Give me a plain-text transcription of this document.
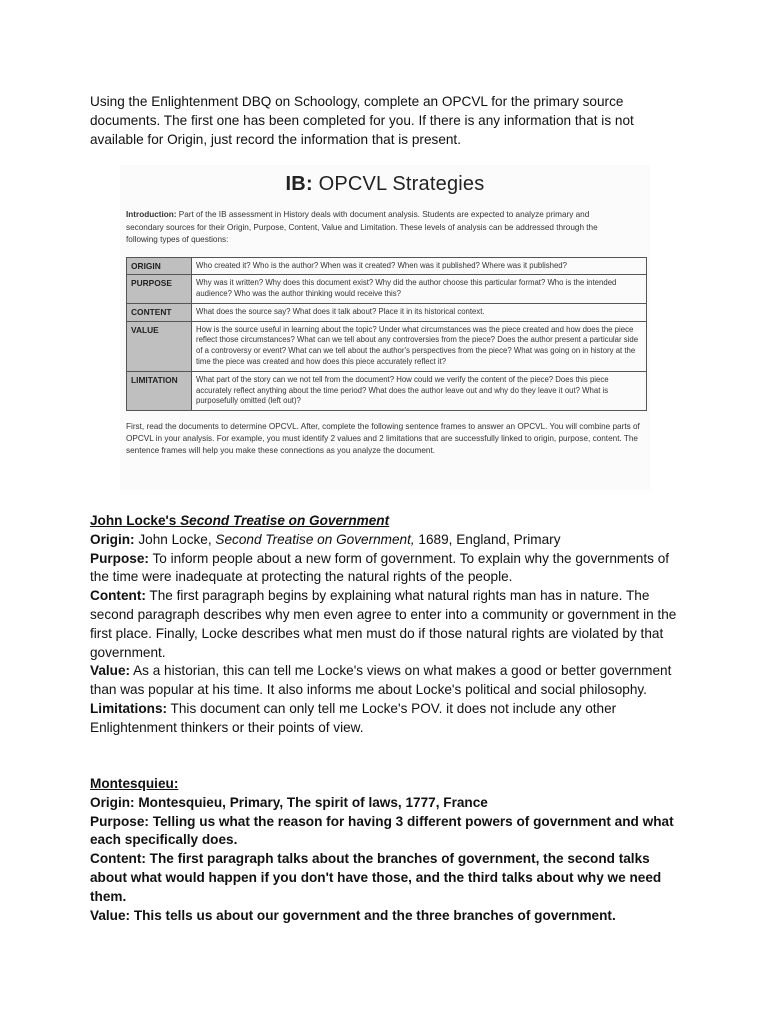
Using the Enlightenment DBQ on Schoology, complete an OPCVL for the primary source documents. The first one has been completed for you. If there is any information that is not available for Origin, just record the information that is present.
IB: OPCVL Strategies
Introduction: Part of the IB assessment in History deals with document analysis. Students are expected to analyze primary and secondary sources for their Origin, Purpose, Content, Value and Limitation. These levels of analysis can be addressed through the following types of questions:
ORIGIN	Who created it? Who is the author? When was it created? When was it published? Where was it published?
PURPOSE	Why was it written? Why does this document exist? Why did the author choose this particular format? Who is the intended audience? Who was the author thinking would receive this?
CONTENT	What does the source say? What does it talk about? Place it in its historical context.
VALUE	How is the source useful in learning about the topic? Under what circumstances was the piece created and how does the piece reflect those circumstances? What can we tell about any controversies from the piece? Does the author present a particular side of a controversy or event? What can we tell about the author's perspectives from the piece? What was going on in history at the time the piece was created and how does this piece accurately reflect it?
LIMITATION	What part of the story can we not tell from the document? How could we verify the content of the piece? Does this piece accurately reflect anything about the time period? What does the author leave out and why do they leave it out? What is purposefully omitted (left out)?
First, read the documents to determine OPCVL. After, complete the following sentence frames to answer an OPCVL. You will combine parts of OPCVL in your analysis. For example, you must identify 2 values and 2 limitations that are successfully linked to origin, purpose, content. The sentence frames will help you make these connections as you analyze the document.

John Locke's Second Treatise on Government

Origin: John Locke, Second Treatise on Government, 1689, England, Primary

Purpose: To inform people about a new form of government. To explain why the governments of the time were inadequate at protecting the natural rights of the people.

Content: The first paragraph begins by explaining what natural rights man has in nature. The second paragraph describes why men even agree to enter into a community or government in the first place. Finally, Locke describes what men must do if those natural rights are violated by that government.

Value: As a historian, this can tell me Locke's views on what makes a good or better government than was popular at his time. It also informs me about Locke's political and social philosophy.

Limitations: This document can only tell me Locke's POV. it does not include any other Enlightenment thinkers or their points of view.

Montesquieu:

Origin: Montesquieu, Primary, The spirit of laws, 1777, France

Purpose: Telling us what the reason for having 3 different powers of government and what each specifically does.

Content: The first paragraph talks about the branches of government, the second talks about what would happen if you don't have those, and the third talks about why we need them.

Value: This tells us about our government and the three branches of government.
